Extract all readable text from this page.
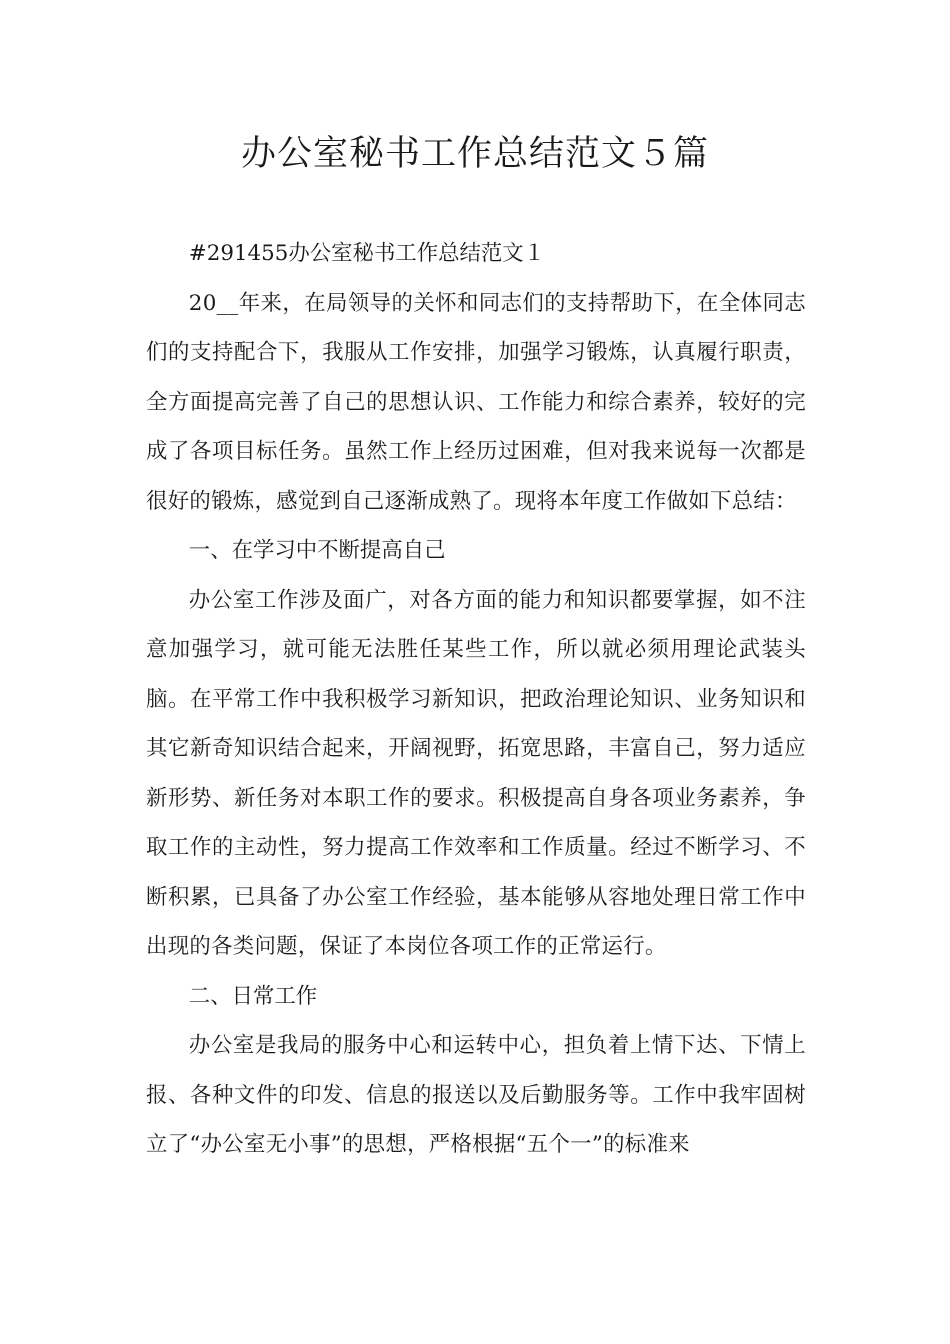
办公室秘书工作总结范文５篇

#291455办公室秘书工作总结范文１

20__年来，在局领导的关怀和同志们的支持帮助下，在全体同志们的支持配合下，我服从工作安排，加强学习锻炼，认真履行职责，全方面提高完善了自己的思想认识、工作能力和综合素养，较好的完成了各项目标任务。虽然工作上经历过困难，但对我来说每一次都是很好的锻炼，感觉到自己逐渐成熟了。现将本年度工作做如下总结：

一、在学习中不断提高自己

办公室工作涉及面广，对各方面的能力和知识都要掌握，如不注意加强学习，就可能无法胜任某些工作，所以就必须用理论武装头脑。在平常工作中我积极学习新知识，把政治理论知识、业务知识和其它新奇知识结合起来，开阔视野，拓宽思路，丰富自己，努力适应新形势、新任务对本职工作的要求。积极提高自身各项业务素养，争取工作的主动性，努力提高工作效率和工作质量。经过不断学习、不断积累，已具备了办公室工作经验，基本能够从容地处理日常工作中出现的各类问题，保证了本岗位各项工作的正常运行。

二、日常工作

办公室是我局的服务中心和运转中心，担负着上情下达、下情上报、各种文件的印发、信息的报送以及后勤服务等。工作中我牢固树立了“办公室无小事”的思想，严格根据“五个一”的标准来
